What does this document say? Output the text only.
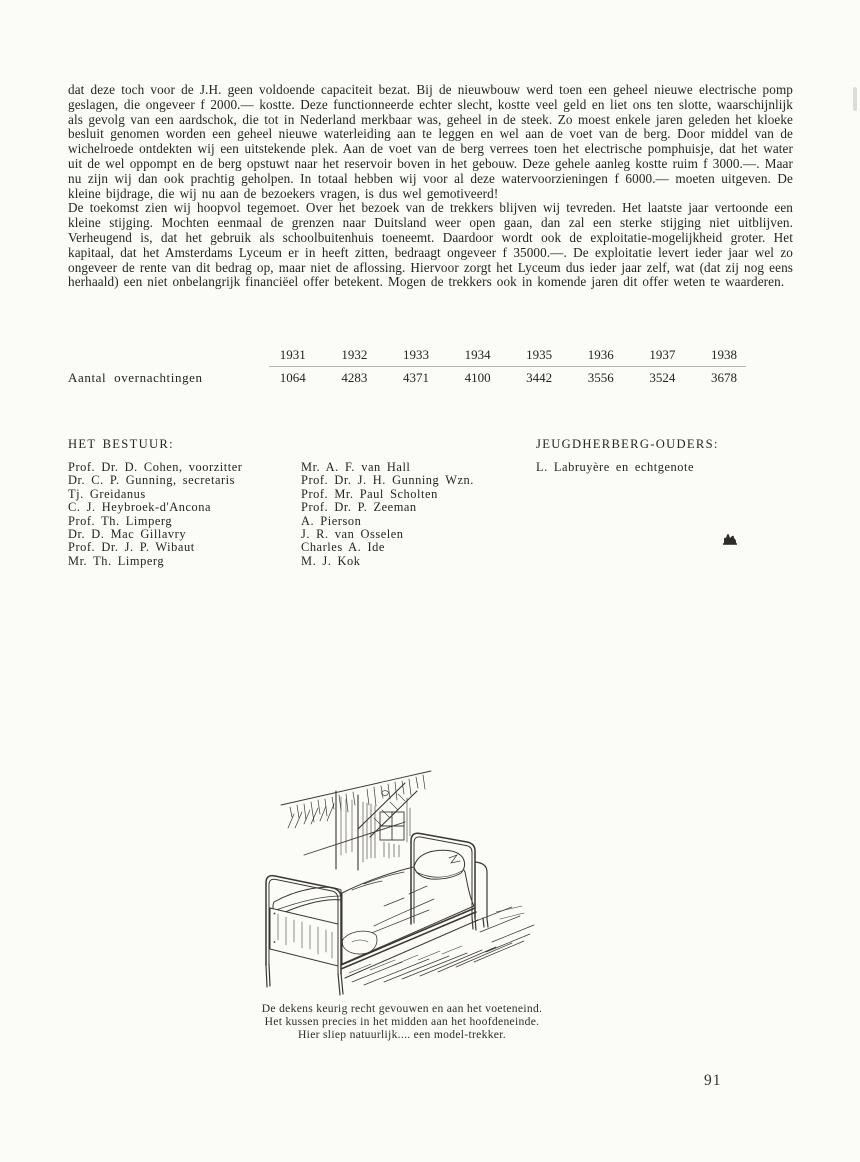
dat deze toch voor de J.H. geen voldoende capaciteit bezat. Bij de nieuwbouw werd toen een geheel nieuwe electrische pomp geslagen, die ongeveer f 2000.— kostte. Deze functionneerde echter slecht, kostte veel geld en liet ons ten slotte, waarschijnlijk als gevolg van een aardschok, die tot in Nederland merkbaar was, geheel in de steek. Zo moest enkele jaren geleden het kloeke besluit genomen worden een geheel nieuwe waterleiding aan te leggen en wel aan de voet van de berg. Door middel van de wichelroede ontdekten wij een uitstekende plek. Aan de voet van de berg verrees toen het electrische pomphuisje, dat het water uit de wel oppompt en de berg opstuwt naar het reservoir boven in het gebouw. Deze gehele aanleg kostte ruim f 3000.—. Maar nu zijn wij dan ook prachtig geholpen. In totaal hebben wij voor al deze watervoorzieningen f 6000.— moeten uitgeven. De kleine bijdrage, die wij nu aan de bezoekers vragen, is dus wel gemotiveerd!

De toekomst zien wij hoopvol tegemoet. Over het bezoek van de trekkers blijven wij tevreden. Het laatste jaar vertoonde een kleine stijging. Mochten eenmaal de grenzen naar Duitsland weer open gaan, dan zal een sterke stijging niet uitblijven. Verheugend is, dat het gebruik als schoolbuitenhuis toeneemt. Daardoor wordt ook de exploitatie-mogelijkheid groter. Het kapitaal, dat het Amsterdams Lyceum er in heeft zitten, bedraagt ongeveer f 35000.—. De exploitatie levert ieder jaar wel zo ongeveer de rente van dit bedrag op, maar niet de aflossing. Hiervoor zorgt het Lyceum dus ieder jaar zelf, wat (dat zij nog eens herhaald) een niet onbelangrijk financiëel offer betekent. Mogen de trekkers ook in komende jaren dit offer weten te waarderen.

1931	1932	1933	1934	1935	1936	1937	1938
Aantal overnachtingen	1064	4283	4371	4100	3442	3556	3524	3678
HET BESTUUR:	JEUGDHERBERG-OUDERS:
Prof. Dr. D. Cohen, voorzitter
Dr. C. P. Gunning, secretaris
Tj. Greidanus
C. J. Heybroek-d'Ancona
Prof. Th. Limperg
Dr. D. Mac Gillavry
Prof. Dr. J. P. Wibaut
Mr. Th. Limperg
Mr. A. F. van Hall
Prof. Dr. J. H. Gunning Wzn.
Prof. Mr. Paul Scholten
Prof. Dr. P. Zeeman
A. Pierson
J. R. van Osselen
Charles A. Ide
M. J. Kok
L. Labruyère en echtgenote
De dekens keurig recht gevouwen en aan het voeteneind.
Het kussen precies in het midden aan het hoofdeneinde.
Hier sliep natuurlijk.... een model-trekker.
91
